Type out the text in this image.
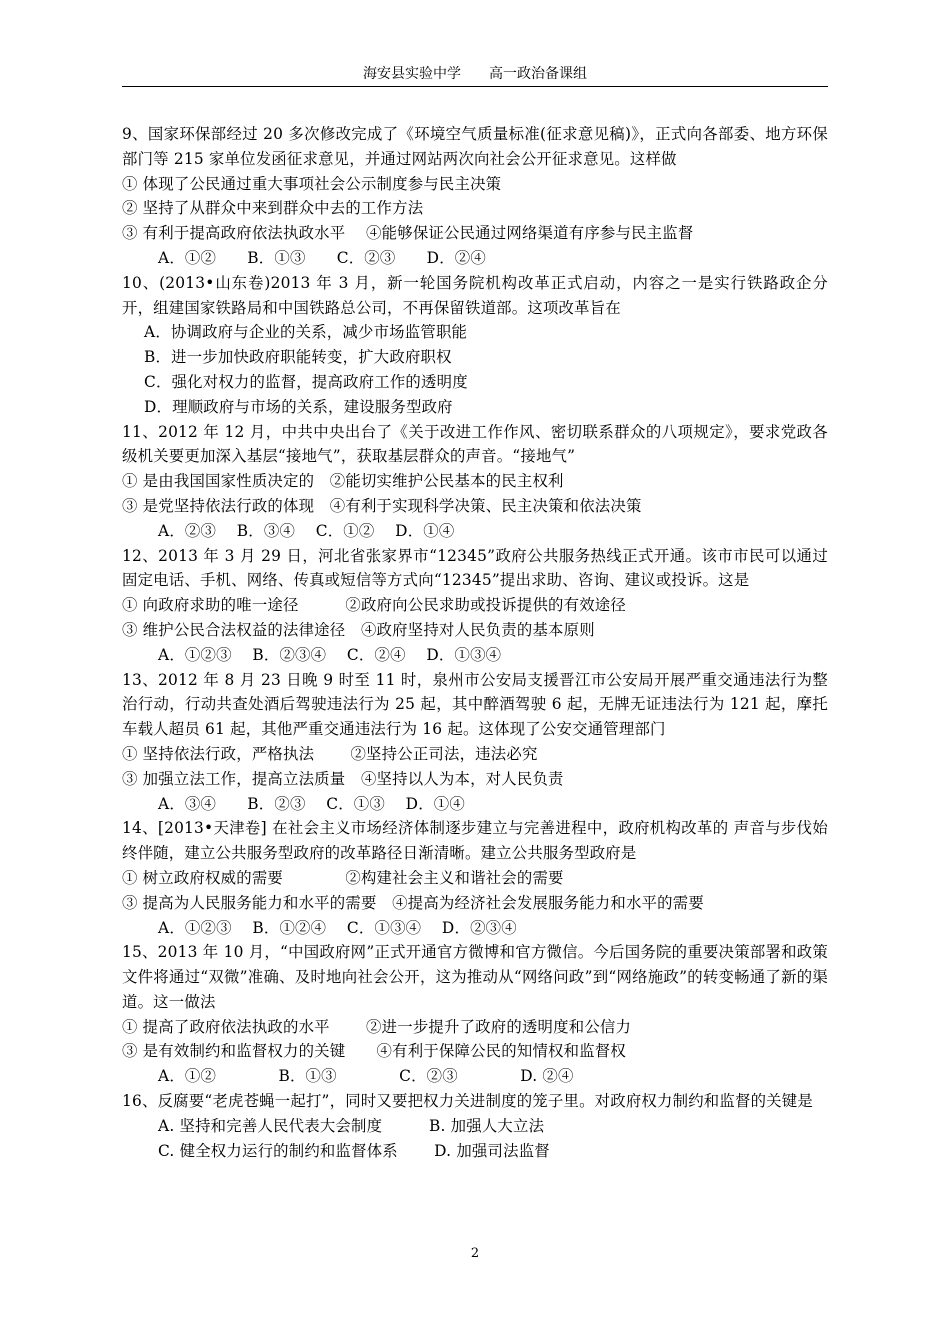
海安县实验中学　　高一政治备课组

9、国家环保部经过 20 多次修改完成了《环境空气质量标准(征求意见稿)》，正式向各部委、地方环保部门等 215 家单位发函征求意见，并通过网站两次向社会公开征求意见。这样做

① 体现了公民通过重大事项社会公示制度参与民主决策

② 坚持了从群众中来到群众中去的工作方法

③ 有利于提高政府依法执政水平　 ④能够保证公民通过网络渠道有序参与民主监督

A．①②　　B．①③　　C．②③　　D．②④

10、(2013•山东卷)2013 年 3 月，新一轮国务院机构改革正式启动，内容之一是实行铁路政企分开，组建国家铁路局和中国铁路总公司，不再保留铁道部。这项改革旨在

A．协调政府与企业的关系，减少市场监管职能

B．进一步加快政府职能转变，扩大政府职权

C．强化对权力的监督，提高政府工作的透明度

D．理顺政府与市场的关系，建设服务型政府

11、2012 年 12 月，中共中央出台了《关于改进工作作风、密切联系群众的八项规定》，要求党政各级机关要更加深入基层“接地气”，获取基层群众的声音。“接地气”

① 是由我国国家性质决定的　②能切实维护公民基本的民主权利

③ 是党坚持依法行政的体现　④有利于实现科学决策、民主决策和依法决策

A．②③　 B．③④　 C．①②　 D．①④

12、2013 年 3 月 29 日，河北省张家界市“12345”政府公共服务热线正式开通。该市市民可以通过固定电话、手机、网络、传真或短信等方式向“12345”提出求助、咨询、建议或投诉。这是

① 向政府求助的唯一途径　　　②政府向公民求助或投诉提供的有效途径

③ 维护公民合法权益的法律途径　④政府坚持对人民负责的基本原则

A．①②③　 B．②③④　 C．②④　 D．①③④

13、2012 年 8 月 23 日晚 9 时至 11 时，泉州市公安局支援晋江市公安局开展严重交通违法行为整治行动，行动共查处酒后驾驶违法行为 25 起，其中醉酒驾驶 6 起，无牌无证违法行为 121 起，摩托车载人超员 61 起，其他严重交通违法行为 16 起。这体现了公安交通管理部门

① 坚持依法行政，严格执法　　 ②坚持公正司法，违法必究

③ 加强立法工作，提高立法质量　④坚持以人为本，对人民负责

A．③④　　B．②③　 C．①③　 D．①④

14、[2013•天津卷] 在社会主义市场经济体制逐步建立与完善进程中，政府机构改革的 声音与步伐始终伴随，建立公共服务型政府的改革路径日渐清晰。建立公共服务型政府是

① 树立政府权威的需要　　　　②构建社会主义和谐社会的需要

③ 提高为人民服务能力和水平的需要　④提高为经济社会发展服务能力和水平的需要

A．①②③　 B．①②④　 C．①③④　 D．②③④

15、2013 年 10 月，“中国政府网”正式开通官方微博和官方微信。今后国务院的重要决策部署和政策文件将通过“双微”准确、及时地向社会公开，这为推动从“网络问政”到“网络施政”的转变畅通了新的渠道。这一做法

① 提高了政府依法执政的水平　　 ②进一步提升了政府的透明度和公信力

③ 是有效制约和监督权力的关键　　④有利于保障公民的知情权和监督权

A．①②　　　　B．①③　　　　C．②③　　　　D. ②④

16、反腐要“老虎苍蝇一起打”，同时又要把权力关进制度的笼子里。对政府权力制约和监督的关键是

A. 坚持和完善人民代表大会制度　　　B. 加强人大立法

C. 健全权力运行的制约和监督体系　　 D. 加强司法监督

2
